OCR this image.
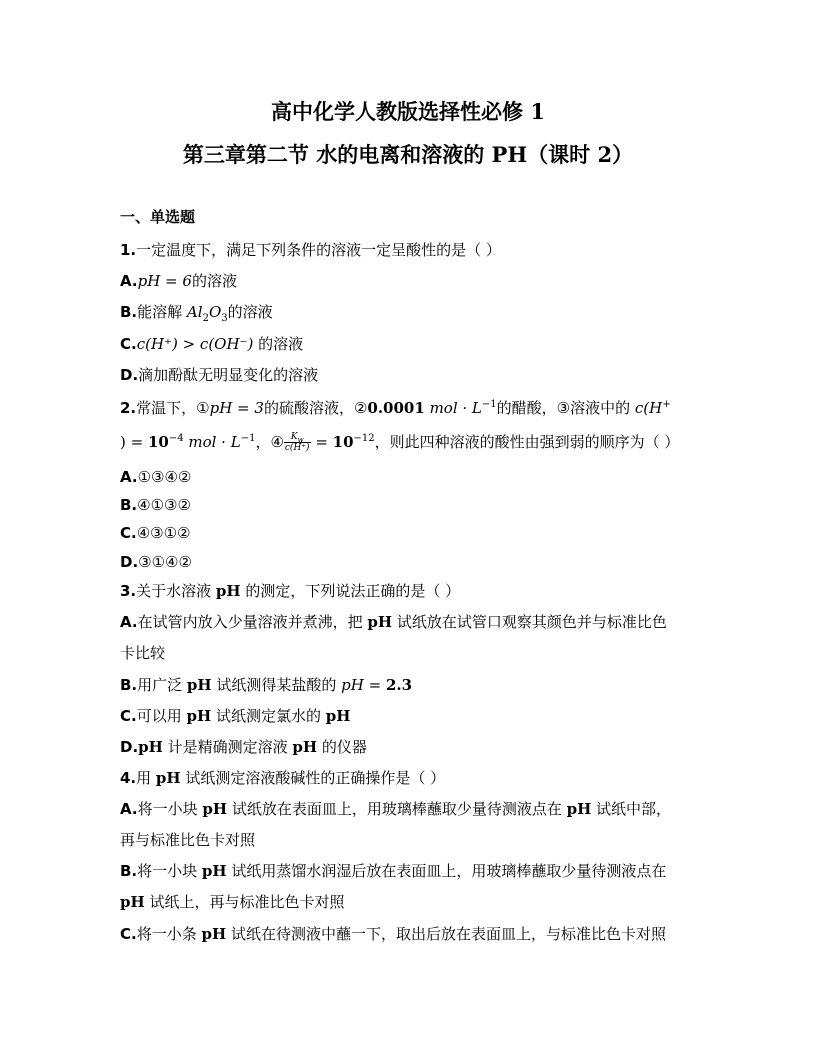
高中化学人教版选择性必修 1
第三章第二节 水的电离和溶液的 PH（课时 2）
一、单选题
1.一定温度下，满足下列条件的溶液一定呈酸性的是（ ）
A.pH = 6的溶液
B.能溶解 $Al_2O_3$的溶液
C.c(H⁺) > c(OH⁻) 的溶液
D.滴加酚酞无明显变化的溶液
2.常温下，①pH = 3的硫酸溶液，②0.0001 mol · $L^{-1}$的醋酸，③溶液中的 c(H+
) = $10^{-4}$ mol · $L^{-1}$，④ $\frac{K_w}{c(H^+)} = 10^{-12}$，则此四种溶液的酸性由强到弱的顺序为（ ）
A.①③④②
B.④①③②
C.④③①②
D.③①④②
3.关于水溶液 pH 的测定，下列说法正确的是（ ）
A.在试管内放入少量溶液并煮沸，把 pH 试纸放在试管口观察其颜色并与标准比色
卡比较
B.用广泛 pH 试纸测得某盐酸的 pH = 2.3
C.可以用 pH 试纸测定氯水的 pH
D.pH 计是精确测定溶液 pH 的仪器
4.用 pH 试纸测定溶液酸碱性的正确操作是（ ）
A.将一小块 pH 试纸放在表面皿上，用玻璃棒蘸取少量待测液点在 pH 试纸中部，
再与标准比色卡对照
B.将一小块 pH 试纸用蒸馏水润湿后放在表面皿上，用玻璃棒蘸取少量待测液点在
pH 试纸上，再与标准比色卡对照
C.将一小条 pH 试纸在待测液中蘸一下，取出后放在表面皿上，与标准比色卡对照
